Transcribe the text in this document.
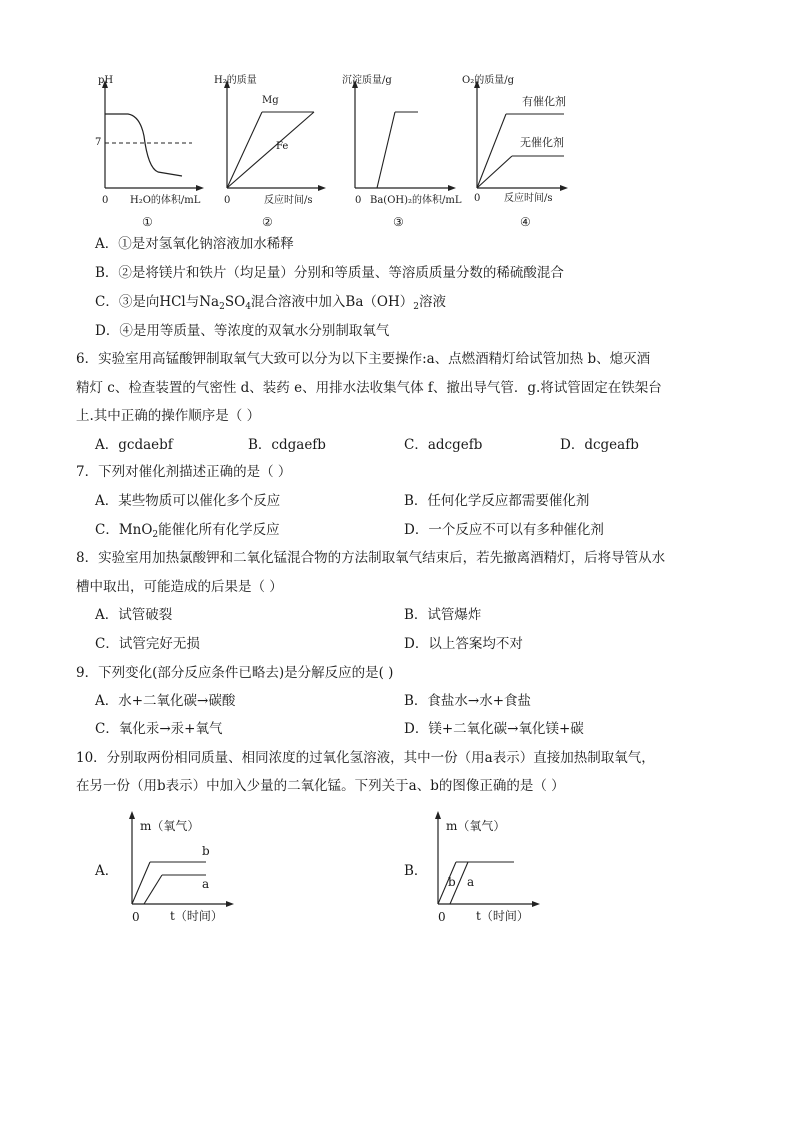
pH
7
0 H₂O的体积/mL
①
H₂的质量
Mg
Fe
0	反应时间/s
②
沉淀质量/g
0 Ba(OH)₂的体积/mL
③
O₂的质量/g
有催化剂
无催化剂
0 反应时间/s
④
A．①是对氢氧化钠溶液加水稀释
B．②是将镁片和铁片（均足量）分别和等质量、等溶质质量分数的稀硫酸混合
C．③是向HCl与$Na_2SO_4$混合溶液中加入$Ba(OH)_2$溶液
D．④是用等质量、等浓度的双氧水分别制取氧气
6．实验室用高锰酸钾制取氧气大致可以分为以下主要操作:a、点燃酒精灯给试管加热 b、熄灭酒
精灯 c、检查装置的气密性 d、装药 e、用排水法收集气体 f、撤出导气管．g.将试管固定在铁架台
上.其中正确的操作顺序是（ ）
A．gcdaebf	B．cdgaefb	C．adcgefb	D．dcgeafb
7．下列对催化剂描述正确的是（ ）
A．某些物质可以催化多个反应	B．任何化学反应都需要催化剂
C．MnO$_2$能催化所有化学反应	D．一个反应不可以有多种催化剂
8．实验室用加热氯酸钾和二氧化锰混合物的方法制取氧气结束后，若先撤离酒精灯，后将导管从水
槽中取出，可能造成的后果是（ ）
A．试管破裂	B．试管爆炸
C．试管完好无损	D．以上答案均不对
9．下列变化(部分反应条件已略去)是分解反应的是( )
A．水+二氧化碳→碳酸	B．食盐水→水+食盐
C．氧化汞→汞+氧气	D．镁+二氧化碳→氧化镁+碳
10．分别取两份相同质量、相同浓度的过氧化氢溶液，其中一份（用a表示）直接加热制取氧气，
在另一份（用b表示）中加入少量的二氧化锰。下列关于a、b的图像正确的是（ ）
A．
m（氧气）
b
a
0	t（时间）
B．
m（氧气）
b a
0	t（时间）
